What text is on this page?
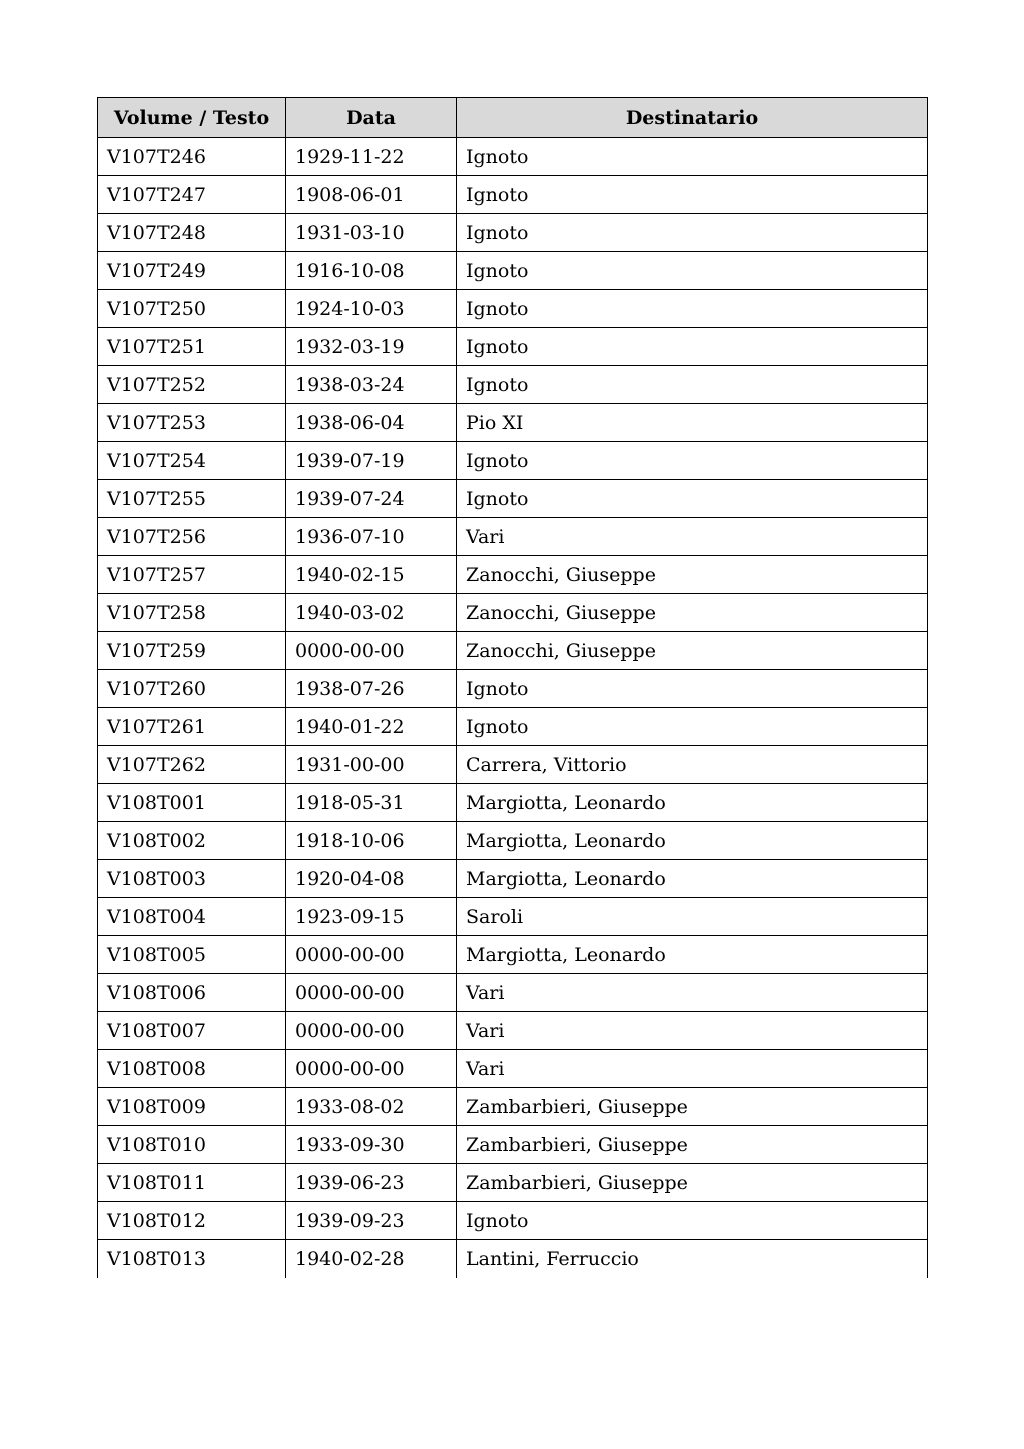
Volume / Testo	Data	Destinatario
V107T246	1929-11-22	Ignoto
V107T247	1908-06-01	Ignoto
V107T248	1931-03-10	Ignoto
V107T249	1916-10-08	Ignoto
V107T250	1924-10-03	Ignoto
V107T251	1932-03-19	Ignoto
V107T252	1938-03-24	Ignoto
V107T253	1938-06-04	Pio XI
V107T254	1939-07-19	Ignoto
V107T255	1939-07-24	Ignoto
V107T256	1936-07-10	Vari
V107T257	1940-02-15	Zanocchi, Giuseppe
V107T258	1940-03-02	Zanocchi, Giuseppe
V107T259	0000-00-00	Zanocchi, Giuseppe
V107T260	1938-07-26	Ignoto
V107T261	1940-01-22	Ignoto
V107T262	1931-00-00	Carrera, Vittorio
V108T001	1918-05-31	Margiotta, Leonardo
V108T002	1918-10-06	Margiotta, Leonardo
V108T003	1920-04-08	Margiotta, Leonardo
V108T004	1923-09-15	Saroli
V108T005	0000-00-00	Margiotta, Leonardo
V108T006	0000-00-00	Vari
V108T007	0000-00-00	Vari
V108T008	0000-00-00	Vari
V108T009	1933-08-02	Zambarbieri, Giuseppe
V108T010	1933-09-30	Zambarbieri, Giuseppe
V108T011	1939-06-23	Zambarbieri, Giuseppe
V108T012	1939-09-23	Ignoto
V108T013	1940-02-28	Lantini, Ferruccio
